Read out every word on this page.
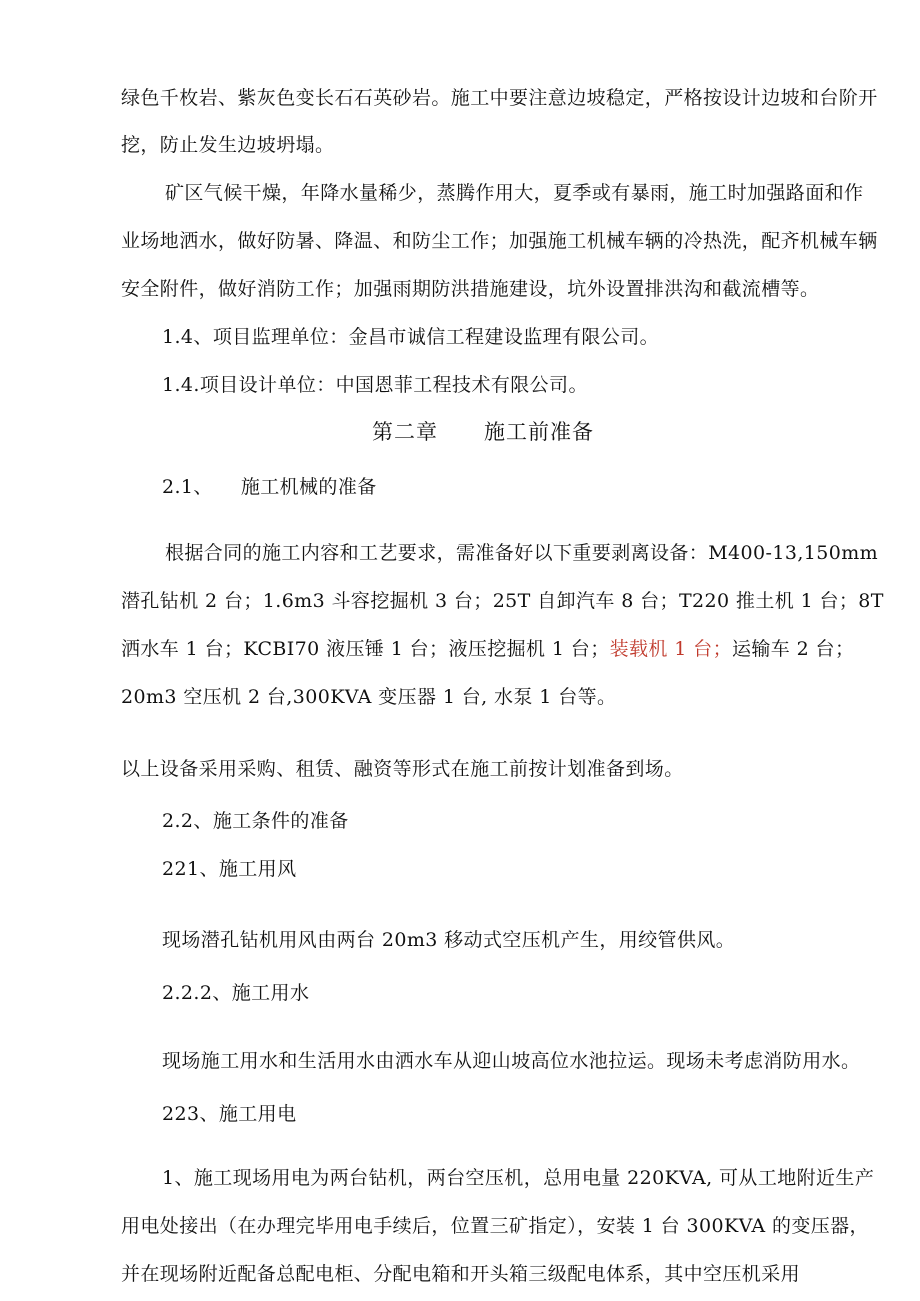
绿色千枚岩、紫灰色变长石石英砂岩。施工中要注意边坡稳定，严格按设计边坡和台阶开
挖，防止发生边坡坍塌。
矿区气候干燥，年降水量稀少，蒸腾作用大，夏季或有暴雨，施工时加强路面和作
业场地洒水，做好防暑、降温、和防尘工作；加强施工机械车辆的冷热洗，配齐机械车辆
安全附件，做好消防工作；加强雨期防洪措施建设，坑外设置排洪沟和截流槽等。
1.4、项目监理单位：金昌市诚信工程建设监理有限公司。
1.4.项目设计单位：中国恩菲工程技术有限公司。
第二章 施工前准备
2.1、 施工机械的准备
根据合同的施工内容和工艺要求，需准备好以下重要剥离设备：M400-13,150mm
潜孔钻机 2 台；1.6m3 斗容挖掘机 3 台；25T 自卸汽车 8 台；T220 推土机 1 台；8T
洒水车 1 台；KCBI70 液压锤 1 台；液压挖掘机 1 台；装载机 1 台；运输车 2 台；
20m3 空压机 2 台,300KVA 变压器 1 台, 水泵 1 台等。
以上设备采用采购、租赁、融资等形式在施工前按计划准备到场。
2.2、施工条件的准备
221、施工用风
现场潜孔钻机用风由两台 20m3 移动式空压机产生，用绞管供风。
2.2.2、施工用水
现场施工用水和生活用水由洒水车从迎山坡高位水池拉运。现场未考虑消防用水。
223、施工用电
1、施工现场用电为两台钻机，两台空压机，总用电量 220KVA, 可从工地附近生产
用电处接出（在办理完毕用电手续后，位置三矿指定），安装 1 台 300KVA 的变压器，
并在现场附近配备总配电柜、分配电箱和开头箱三级配电体系，其中空压机采用
